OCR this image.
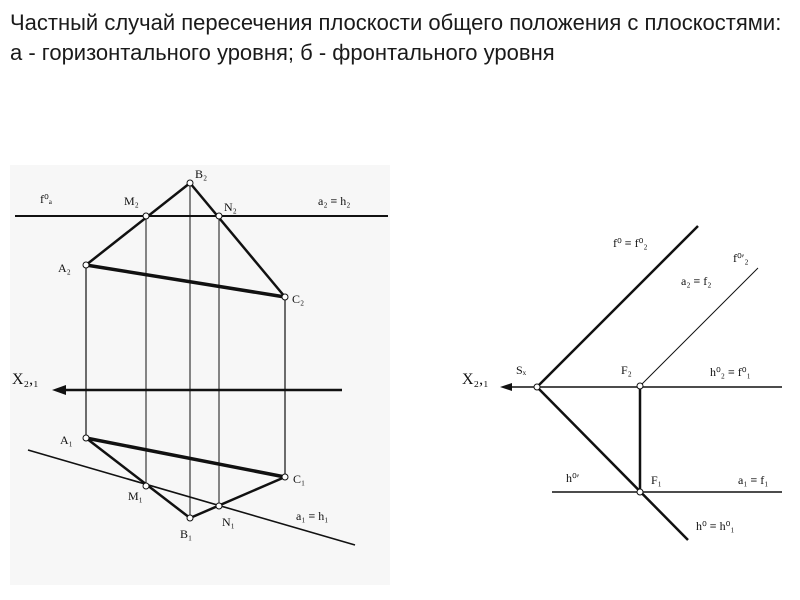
Частный случай пересечения плоскости общего положения с плоскостями: а - горизонтального уровня; б - фронтального уровня
f⁰ₐ	M₂
B₂
N₂	a₂ ≡ h₂
A₂
C₂
X₂,₁
A₁
C₁
M₁
B₁
N₁	a₁ ≡ h₁
f⁰ ≡ f⁰₂
f⁰′₂
a₂ ≡ f₂
X₂,₁
Sₓ	F₂	h⁰₂ ≡ f⁰₁
h⁰′	F₁	a₁ ≡ f₁
h⁰ ≡ h⁰₁
